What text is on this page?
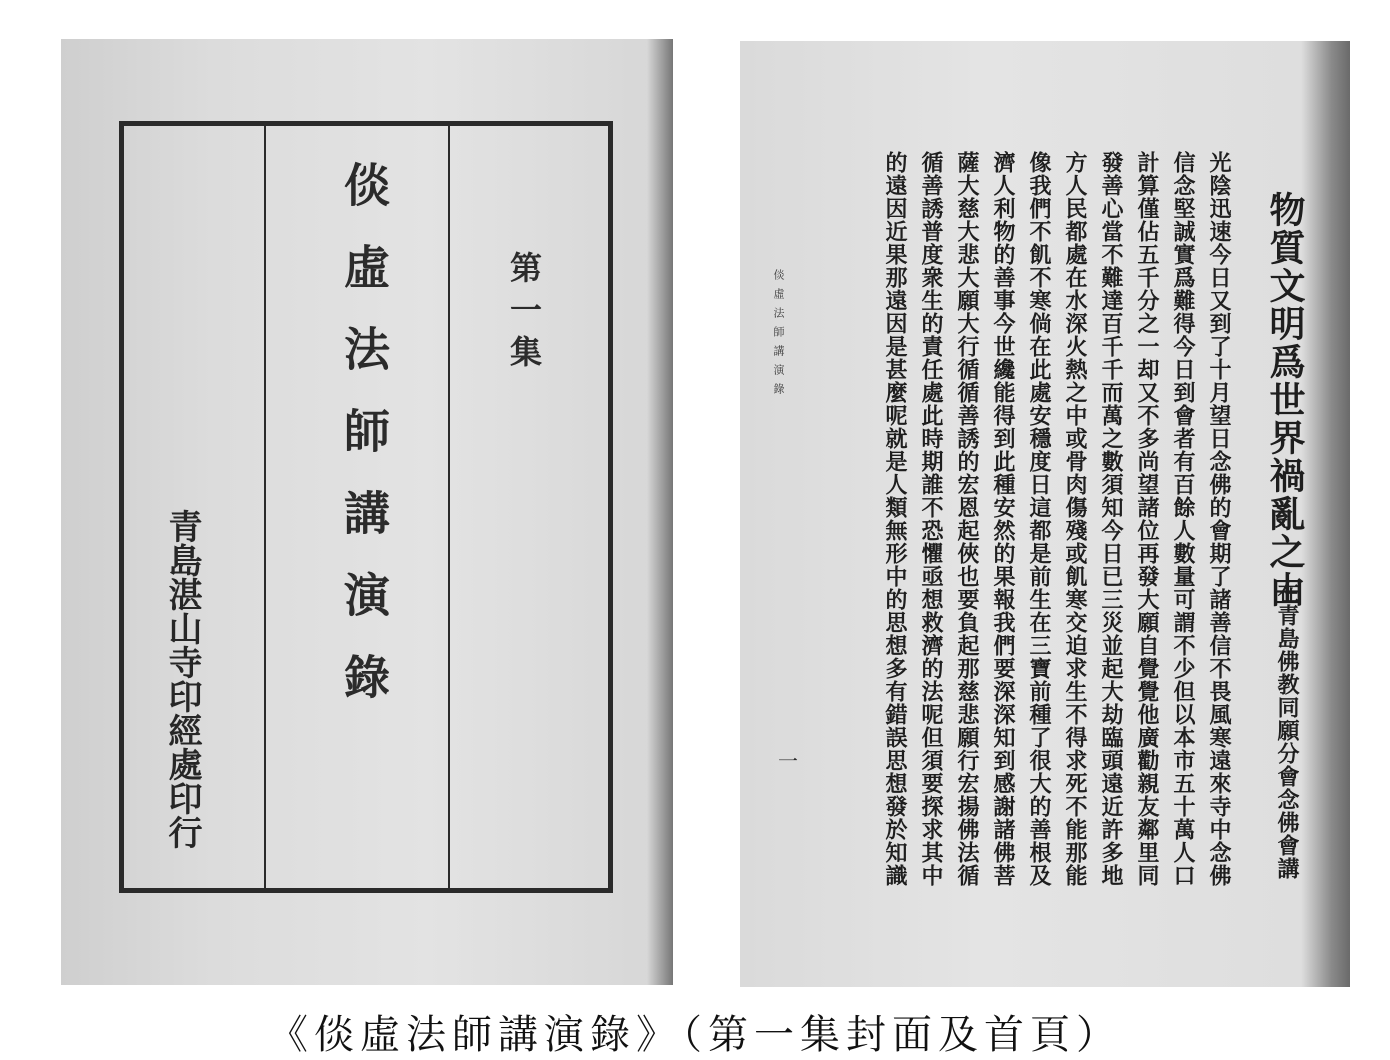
倓虛法師講演錄	第一集

青島湛山寺印經處印行

物質文明爲世界禍亂之由

在青島佛教同願分會念佛會講

光陰迅速今日又到了十月望日念佛的會期了諸善信不畏風寒遠來寺中念佛
信念堅誠實爲難得今日到會者有百餘人數量可謂不少但以本市五十萬人口
計算僅佔五千分之一却又不多尚望諸位再發大願自覺覺他廣勸親友鄰里同
發善心當不難達百千千而萬之數須知今日已三災並起大劫臨頭遠近許多地
方人民都處在水深火熱之中或骨肉傷殘或飢寒交迫求生不得求死不能那能
像我們不飢不寒倘在此處安穩度日這都是前生在三寶前種了很大的善根及
濟人利物的善事今世纔能得到此種安然的果報我們要深深知到感謝諸佛菩
薩大慈大悲大願大行循循善誘的宏恩起俠也要負起那慈悲願行宏揚佛法循
循善誘普度衆生的責任處此時期誰不恐懼亟想救濟的法呢但須要探求其中
的遠因近果那遠因是甚麼呢就是人類無形中的思想多有錯誤思想發於知識

倓虛法師講演錄

一
《倓虛法師講演錄》（第一集封面及首頁）
